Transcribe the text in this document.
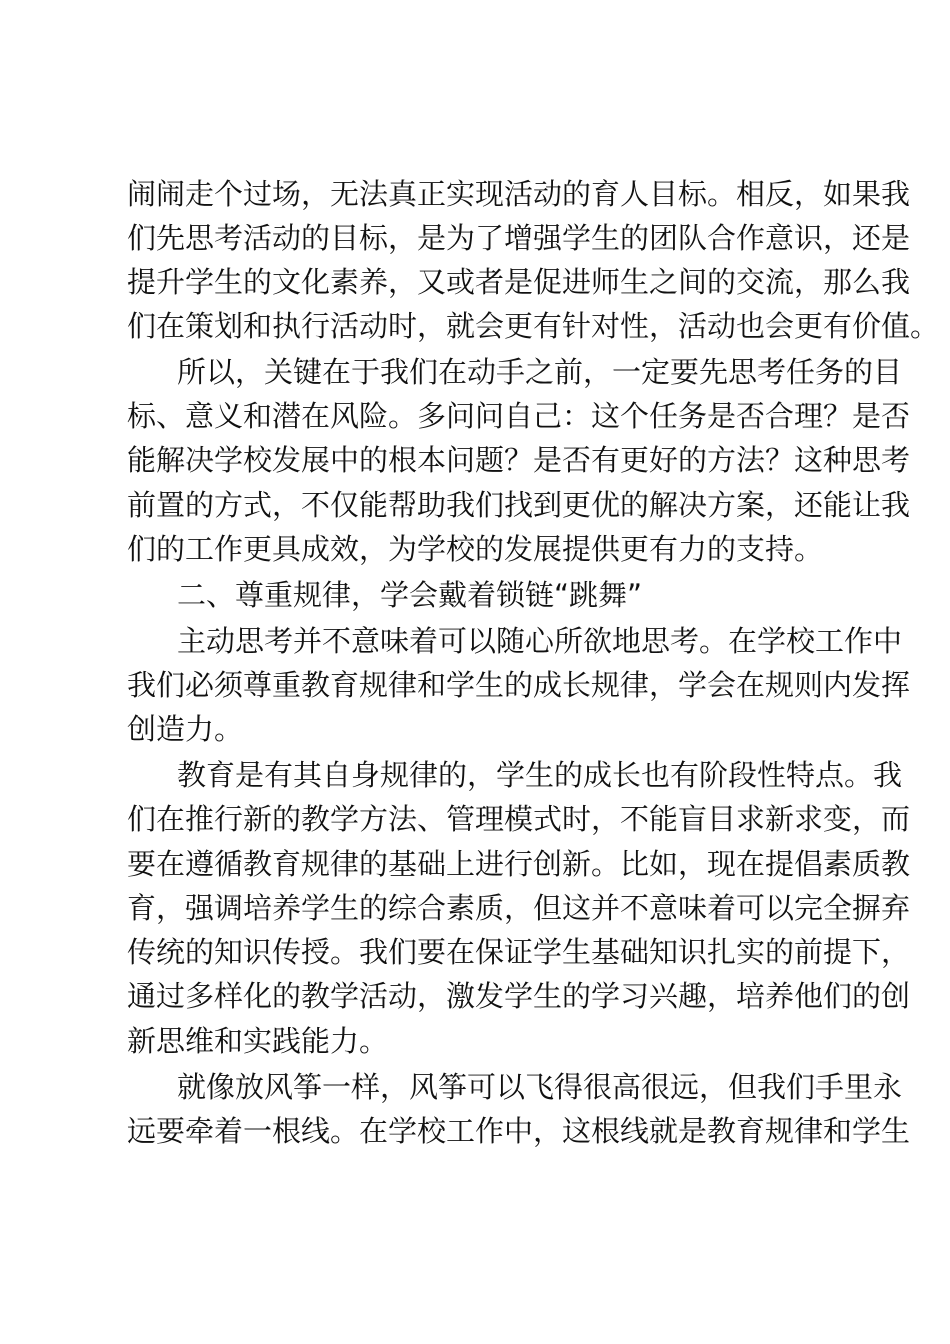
闹闹走个过场，无法真正实现活动的育人目标。相反，如果我
们先思考活动的目标，是为了增强学生的团队合作意识，还是
提升学生的文化素养，又或者是促进师生之间的交流，那么我
们在策划和执行活动时，就会更有针对性，活动也会更有价值。
所以，关键在于我们在动手之前，一定要先思考任务的目
标、意义和潜在风险。多问问自己：这个任务是否合理？是否
能解决学校发展中的根本问题？是否有更好的方法？这种思考
前置的方式，不仅能帮助我们找到更优的解决方案，还能让我
们的工作更具成效，为学校的发展提供更有力的支持。
二、尊重规律，学会戴着锁链“跳舞”
主动思考并不意味着可以随心所欲地思考。在学校工作中
我们必须尊重教育规律和学生的成长规律，学会在规则内发挥
创造力。
教育是有其自身规律的，学生的成长也有阶段性特点。我
们在推行新的教学方法、管理模式时，不能盲目求新求变，而
要在遵循教育规律的基础上进行创新。比如，现在提倡素质教
育，强调培养学生的综合素质，但这并不意味着可以完全摒弃
传统的知识传授。我们要在保证学生基础知识扎实的前提下，
通过多样化的教学活动，激发学生的学习兴趣，培养他们的创
新思维和实践能力。
就像放风筝一样，风筝可以飞得很高很远，但我们手里永
远要牵着一根线。在学校工作中，这根线就是教育规律和学生
